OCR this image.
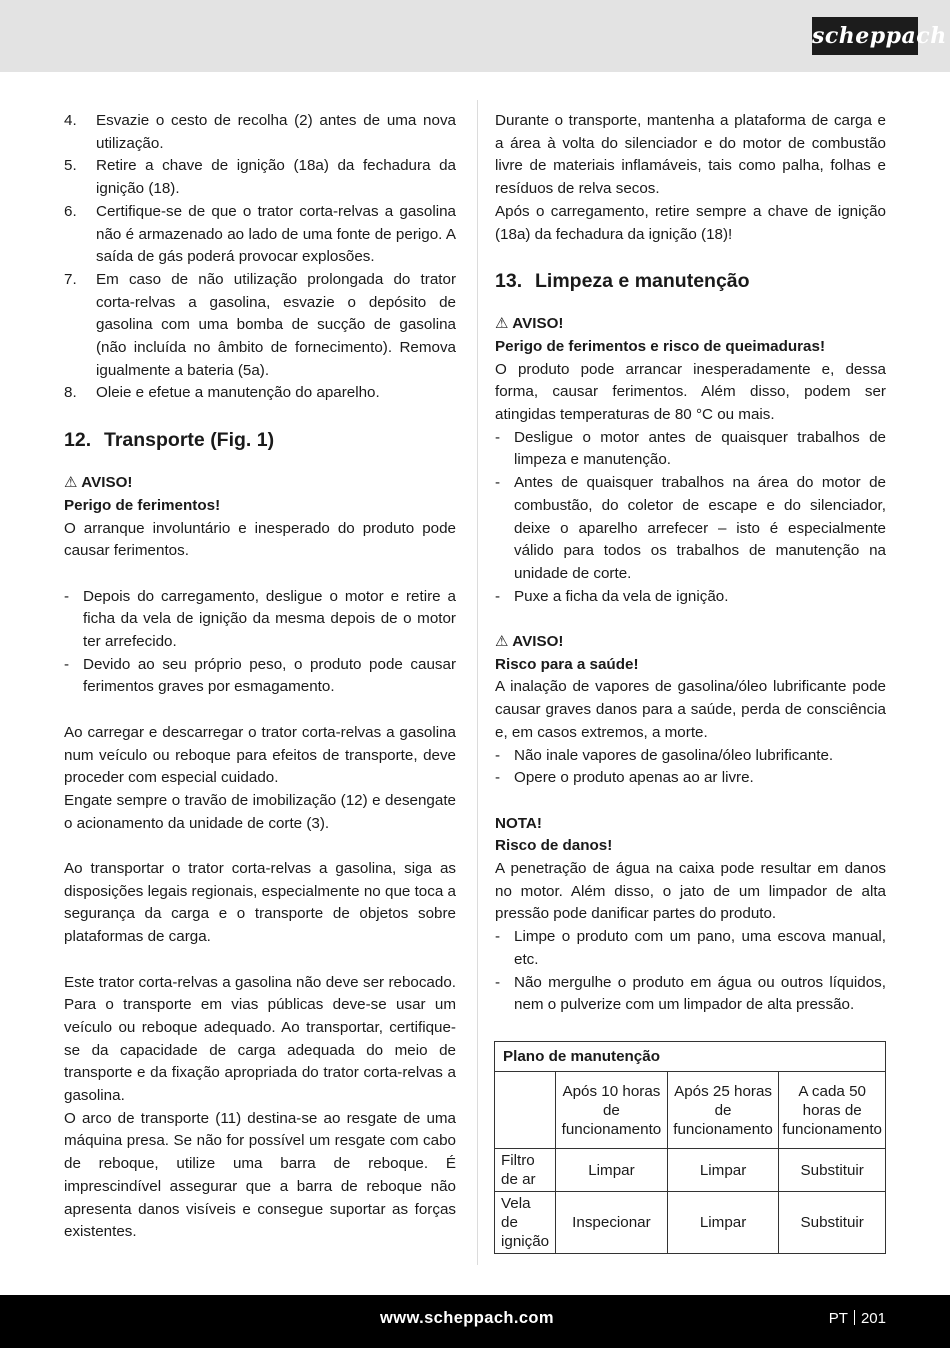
scheppach
4.	Esvazie o cesto de recolha (2) antes de uma nova utilização.
5.	Retire a chave de ignição (18a) da fechadura da ignição (18).
6.	Certifique-se de que o trator corta-relvas a gasolina não é armazenado ao lado de uma fonte de perigo. A saída de gás poderá provocar explosões.
7.	Em caso de não utilização prolongada do trator corta-relvas a gasolina, esvazie o depósito de gasolina com uma bomba de sucção de gasolina (não incluída no âmbito de fornecimento). Remova igualmente a bateria (5a).
8.	Oleie e efetue a manutenção do aparelho.
12. Transporte (Fig. 1)
⚠ AVISO!
Perigo de ferimentos!

O arranque involuntário e inesperado do produto pode causar ferimentos.

- Depois do carregamento, desligue o motor e retire a ficha da vela de ignição da mesma depois de o motor ter arrefecido.
- Devido ao seu próprio peso, o produto pode causar ferimentos graves por esmagamento.

Ao carregar e descarregar o trator corta-relvas a gasolina num veículo ou reboque para efeitos de transporte, deve proceder com especial cuidado.

Engate sempre o travão de imobilização (12) e desengate o acionamento da unidade de corte (3).

Ao transportar o trator corta-relvas a gasolina, siga as disposições legais regionais, especialmente no que toca a segurança da carga e o transporte de objetos sobre plataformas de carga.

Este trator corta-relvas a gasolina não deve ser rebocado. Para o transporte em vias públicas deve-se usar um veículo ou reboque adequado. Ao transportar, certifique-se da capacidade de carga adequada do meio de transporte e da fixação apropriada do trator corta-relvas a gasolina.

O arco de transporte (11) destina-se ao resgate de uma máquina presa. Se não for possível um resgate com cabo de reboque, utilize uma barra de reboque. É imprescindível assegurar que a barra de reboque não apresenta danos visíveis e consegue suportar as forças existentes.

Durante o transporte, mantenha a plataforma de carga e a área à volta do silenciador e do motor de combustão livre de materiais inflamáveis, tais como palha, folhas e resíduos de relva secos.

Após o carregamento, retire sempre a chave de ignição (18a) da fechadura da ignição (18)!

13. Limpeza e manutenção
⚠ AVISO!
Perigo de ferimentos e risco de queimaduras!

O produto pode arrancar inesperadamente e, dessa forma, causar ferimentos. Além disso, podem ser atingidas temperaturas de 80 °C ou mais.

- Desligue o motor antes de quaisquer trabalhos de limpeza e manutenção.
- Antes de quaisquer trabalhos na área do motor de combustão, do coletor de escape e do silenciador, deixe o aparelho arrefecer – isto é especialmente válido para todos os trabalhos de manutenção na unidade de corte.
- Puxe a ficha da vela de ignição.
⚠ AVISO!
Risco para a saúde!

A inalação de vapores de gasolina/óleo lubrificante pode causar graves danos para a saúde, perda de consciência e, em casos extremos, a morte.

- Não inale vapores de gasolina/óleo lubrificante.
- Opere o produto apenas ao ar livre.
NOTA!
Risco de danos!

A penetração de água na caixa pode resultar em danos no motor. Além disso, o jato de um limpador de alta pressão pode danificar partes do produto.

- Limpe o produto com um pano, uma escova manual, etc.
- Não mergulhe o produto em água ou outros líquidos, nem o pulverize com um limpador de alta pressão.
Plano de manutenção			
	Após 10 horas de funcionamento	Após 25 horas de funcionamento	A cada 50 horas de funcionamento
Filtro de ar	Limpar	Limpar	Substituir
Vela de ignição	Inspecionar	Limpar	Substituir
www.scheppach.com	PT 201
